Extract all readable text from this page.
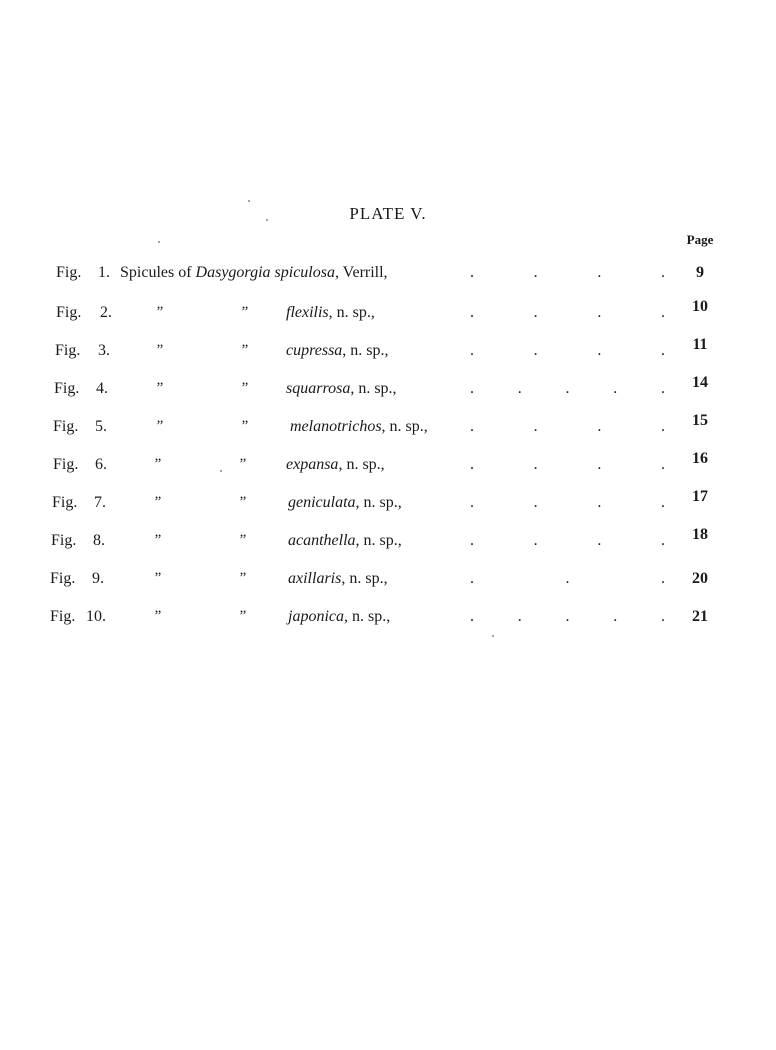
PLATE V.
Page
Fig.	1. Spicules of Dasygorgia spiculosa, Verrill,	.	.	.	.	9
Fig.	2.	”	”	flexilis, n. sp.,	.	.	.	.	10
Fig.	3.	”	”	cupressa, n. sp.,	.	.	.	.	11
Fig.	4.	”	”	squarrosa, n. sp.,	.	.	.	.	.	14
Fig.	5.	”	”	melanotrichos, n. sp.,	.	.	.	.	15
Fig.	6.	”	”	expansa, n. sp.,	.	.	.	.	16
Fig.	7.	”	”	geniculata, n. sp.,	.	.	.	.	17
Fig.	8.	”	”	acanthella, n. sp.,	.	.	.	.	18
Fig.	9.	”	”	axillaris, n. sp.,	.	.	.	20
Fig. 10.	”	”	japonica, n. sp.,	.	.	.	.	.	21
